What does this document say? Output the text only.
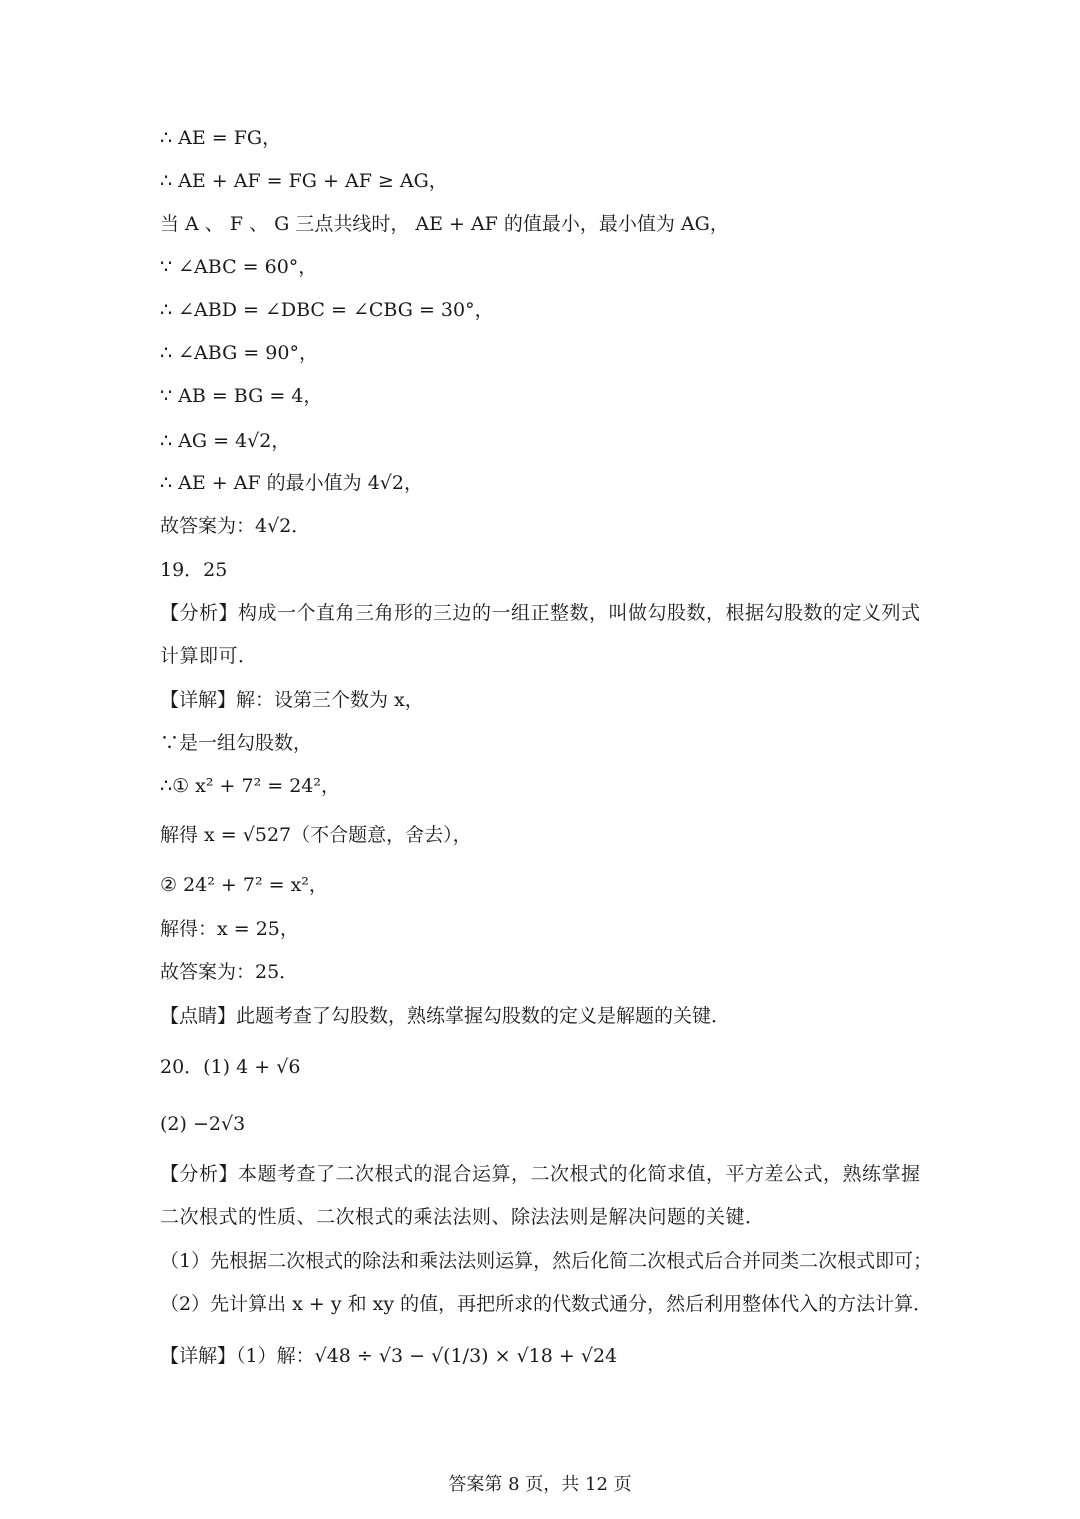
∴ AE = FG，
∴ AE + AF = FG + AF ≥ AG，
当 A 、 F 、 G 三点共线时， AE + AF 的值最小，最小值为 AG，
∵ ∠ABC = 60°，
∴ ∠ABD = ∠DBC = ∠CBG = 30°，
∴ ∠ABG = 90°，
∵ AB = BG = 4，
∴ AG = 4√2，
∴ AE + AF 的最小值为 4√2，
故答案为：4√2．
19．25
【分析】构成一个直角三角形的三边的一组正整数，叫做勾股数，根据勾股数的定义列式计算即可．
【详解】解：设第三个数为 x，
∵是一组勾股数，
∴① x² + 7² = 24²，
解得 x = √527（不合题意，舍去），
② 24² + 7² = x²，
解得：x = 25，
故答案为：25．
【点睛】此题考查了勾股数，熟练掌握勾股数的定义是解题的关键．
20．(1) 4 + √6
(2) −2√3
【分析】本题考查了二次根式的混合运算，二次根式的化简求值，平方差公式，熟练掌握二次根式的性质、二次根式的乘法法则、除法法则是解决问题的关键．
（1）先根据二次根式的除法和乘法法则运算，然后化简二次根式后合并同类二次根式即可；
（2）先计算出 x + y 和 xy 的值，再把所求的代数式通分，然后利用整体代入的方法计算．
【详解】（1）解：√48 ÷ √3 − √(1/3) × √18 + √24
答案第 8 页，共 12 页
